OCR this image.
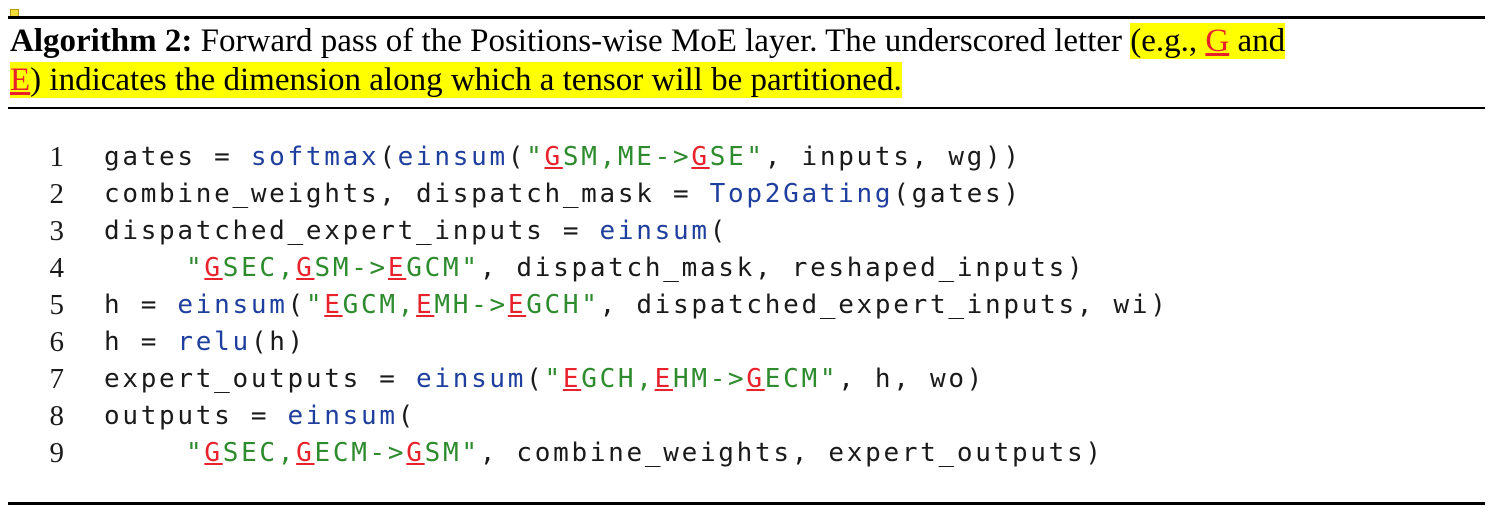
Algorithm 2: Forward pass of the Positions-wise MoE layer. The underscored letter (e.g., G and
E) indicates the dimension along which a tensor will be partitioned.
1 gates = softmax(einsum("GSM,ME->GSE", inputs, wg))
2 combine_weights, dispatch_mask = Top2Gating(gates)
3 dispatched_expert_inputs = einsum(
4	"GSEC,GSM->EGCM", dispatch_mask, reshaped_inputs)
5 h = einsum("EGCM,EMH->EGCH", dispatched_expert_inputs, wi)
6 h = relu(h)
7 expert_outputs = einsum("EGCH,EHM->GECM", h, wo)
8 outputs = einsum(
9	"GSEC,GECM->GSM", combine_weights, expert_outputs)
